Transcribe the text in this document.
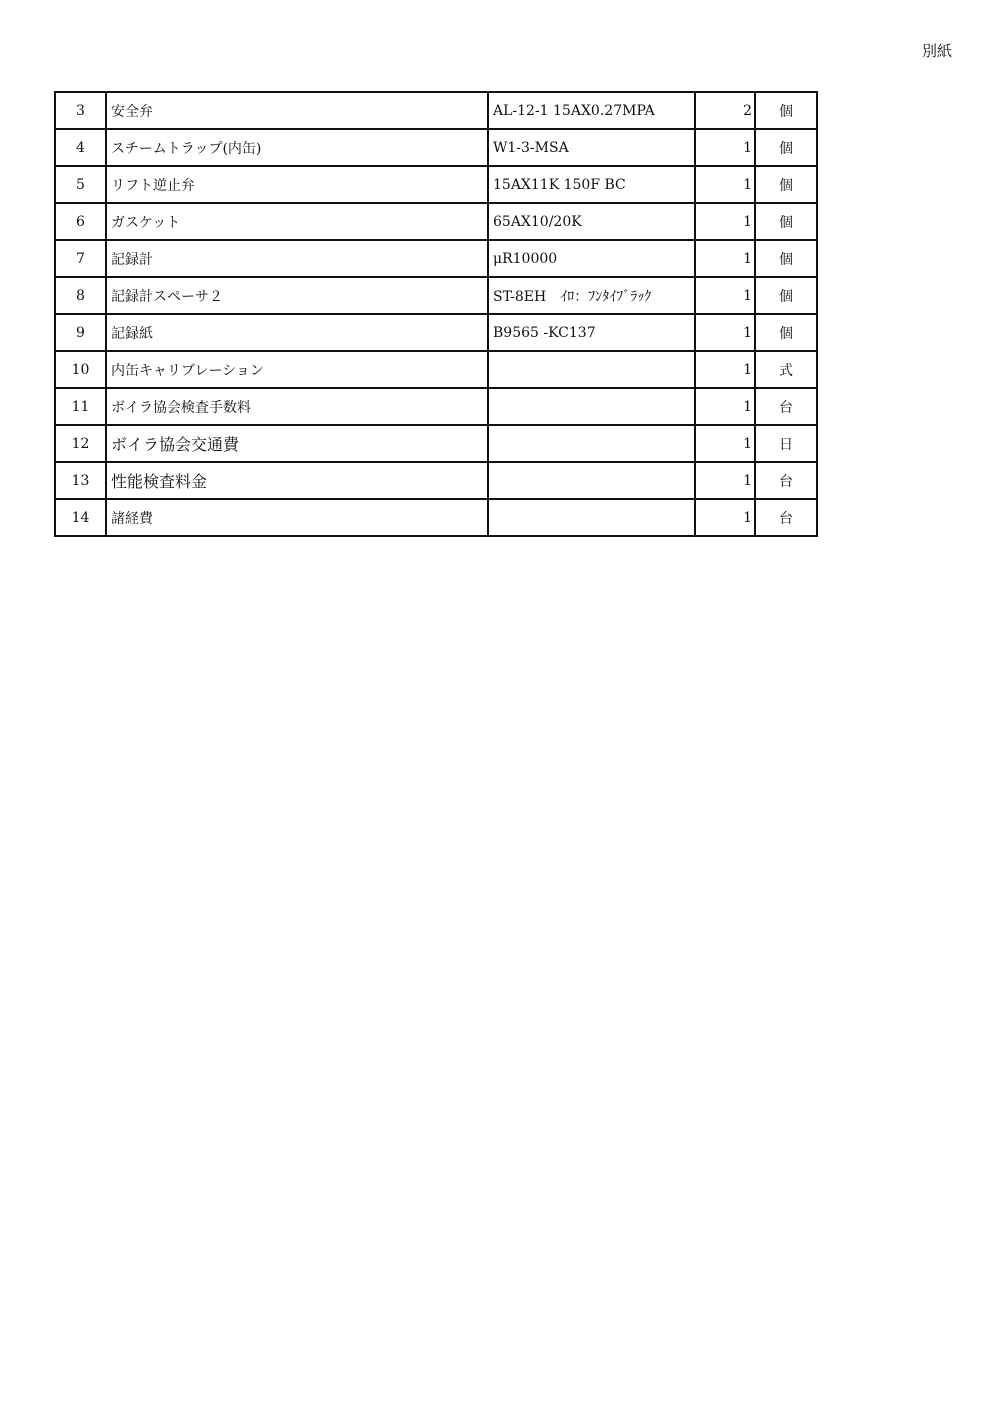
別紙
3	安全弁	AL-12-1 15AX0.27MPA	2	個
4	スチームトラップ(内缶)	W1-3-MSA	1	個
5	リフト逆止弁	15AX11K 150F BC	1	個
6	ガスケット	65AX10/20K	1	個
7	記録計	μR10000	1	個
8	記録計スペーサ２	ST-8EH　ｲﾛ：ﾌﾝﾀｲﾌﾞﾗｯｸ	1	個
9	記録紙	B9565 -KC137	1	個
10	内缶キャリブレーション		1	式
11	ボイラ協会検査手数料		1	台
12	ボイラ協会交通費		1	日
13	性能検査料金		1	台
14	諸経費		1	台
